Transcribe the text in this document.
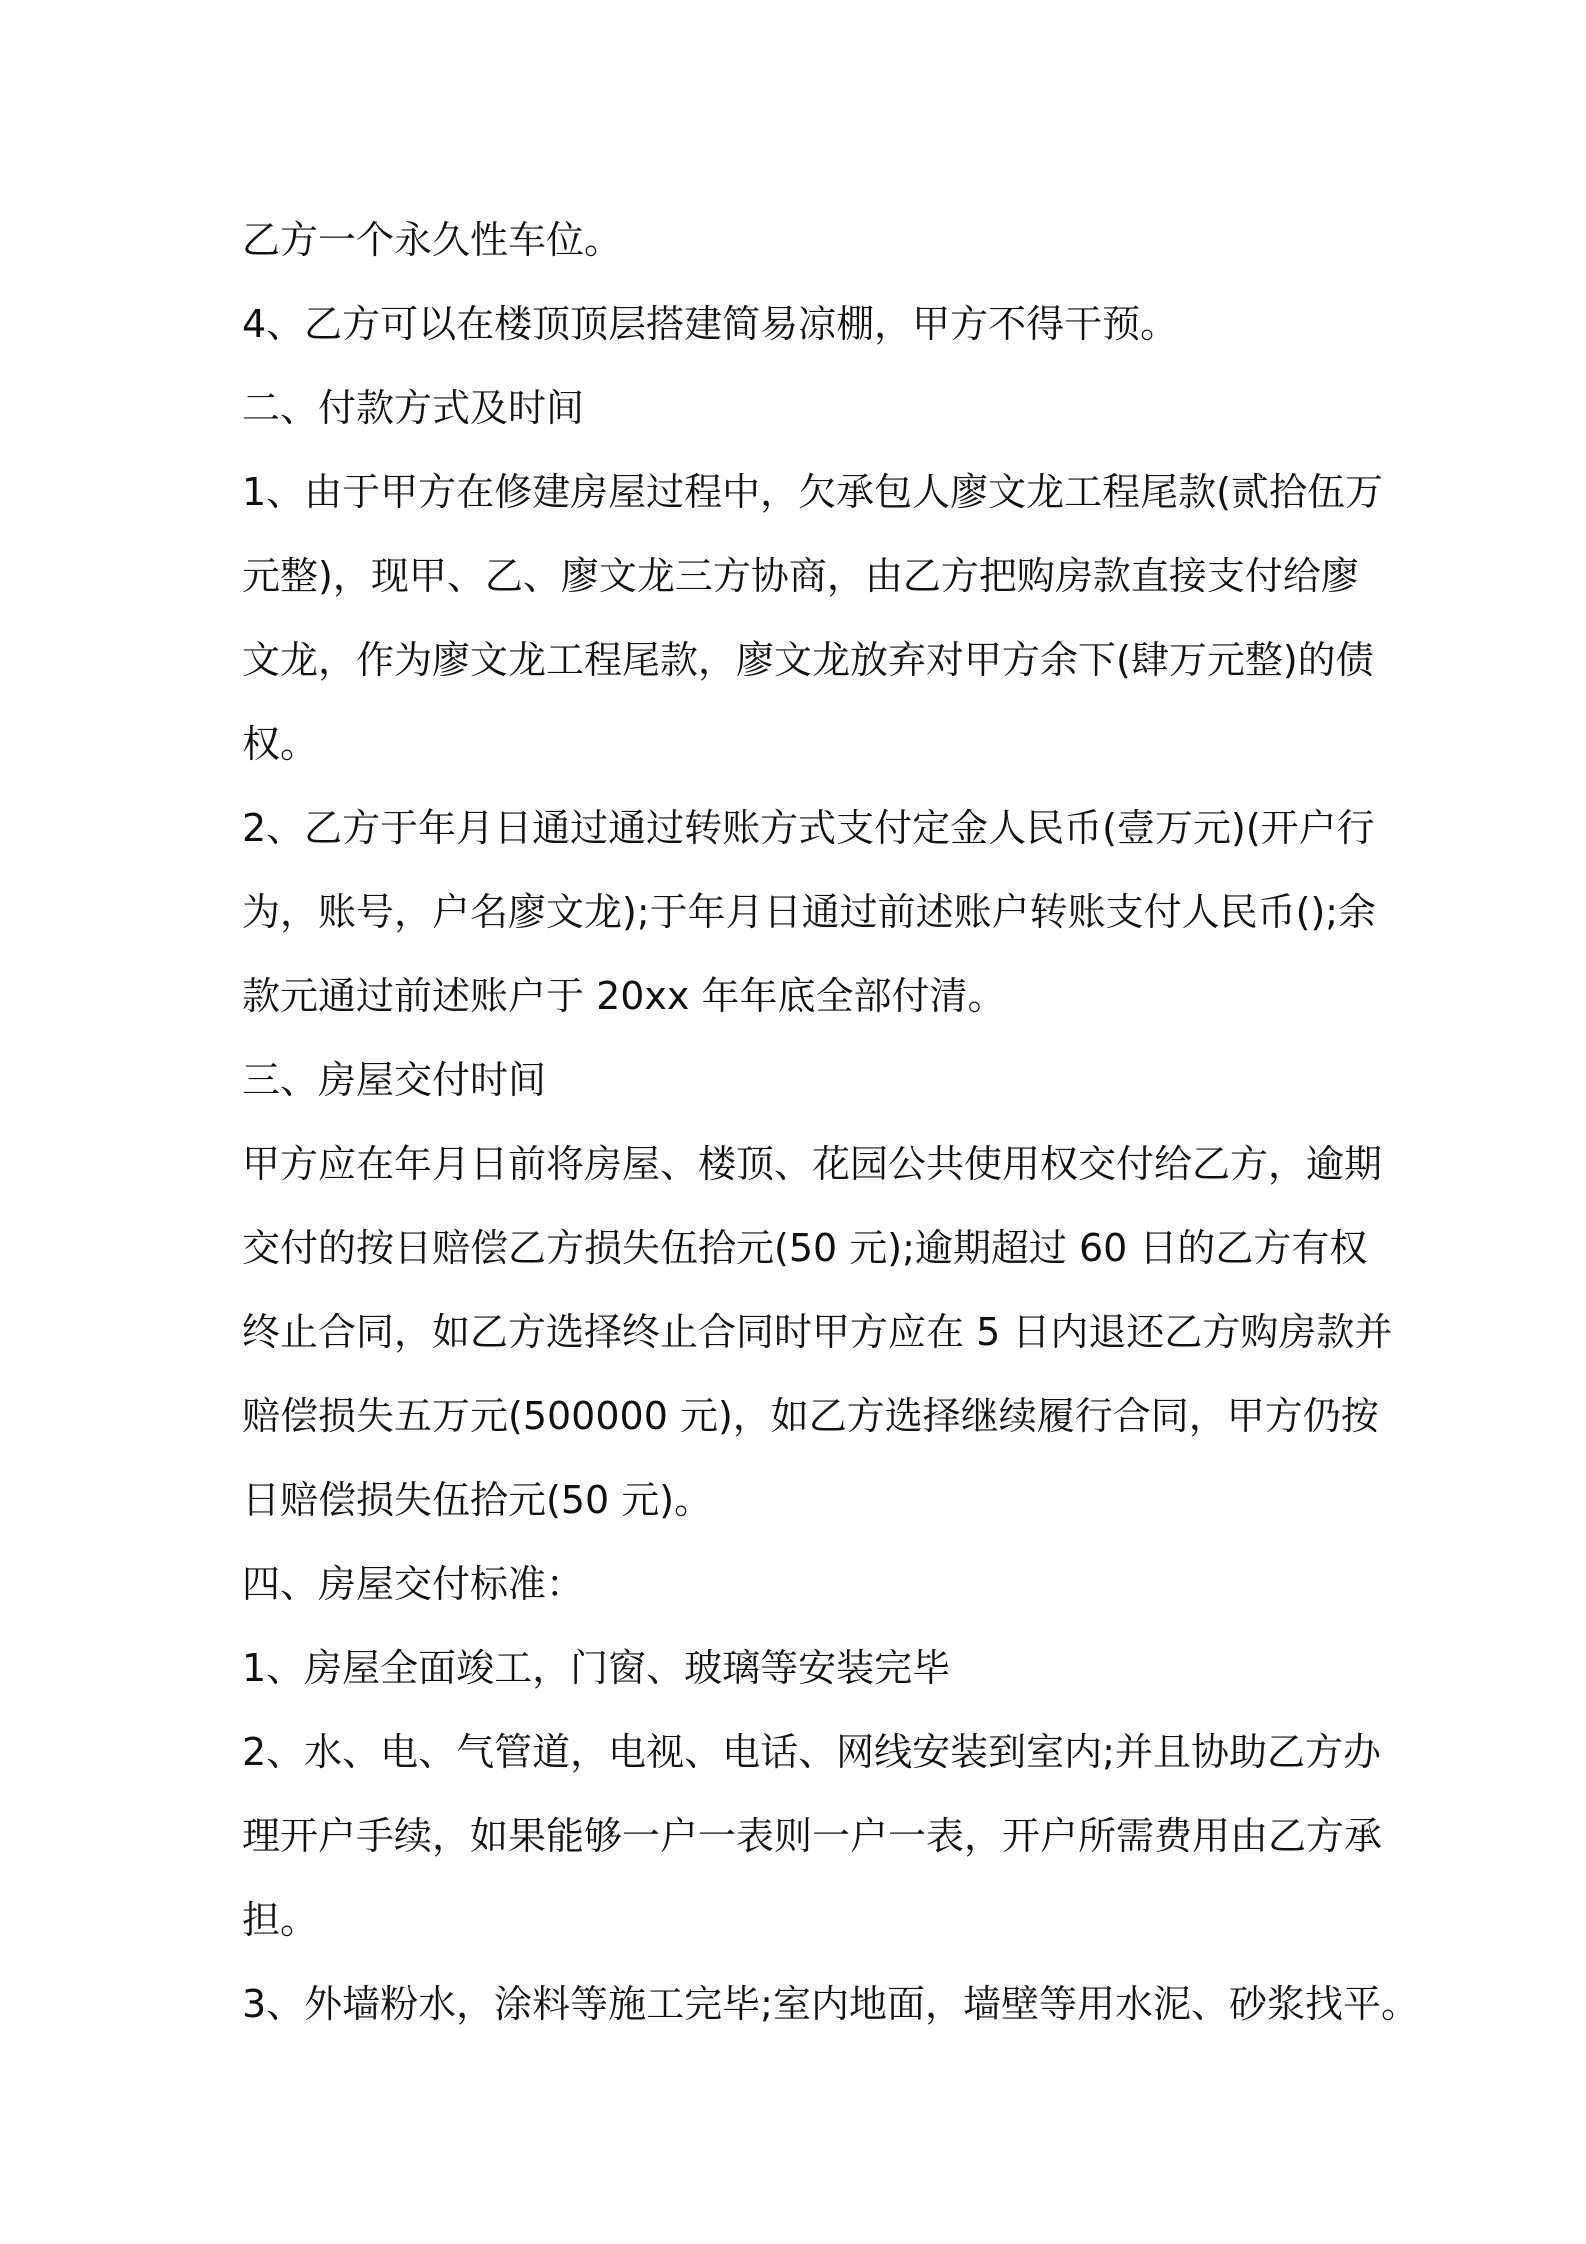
乙方一个永久性车位。
4、乙方可以在楼顶顶层搭建简易凉棚，甲方不得干预。
二、付款方式及时间
1、由于甲方在修建房屋过程中，欠承包人廖文龙工程尾款(贰拾伍万
元整)，现甲、乙、廖文龙三方协商，由乙方把购房款直接支付给廖
文龙，作为廖文龙工程尾款，廖文龙放弃对甲方余下(肆万元整)的债
权。
2、乙方于年月日通过通过转账方式支付定金人民币(壹万元)(开户行
为，账号，户名廖文龙);于年月日通过前述账户转账支付人民币();余
款元通过前述账户于 20xx 年年底全部付清。
三、房屋交付时间
甲方应在年月日前将房屋、楼顶、花园公共使用权交付给乙方，逾期
交付的按日赔偿乙方损失伍拾元(50 元);逾期超过 60 日的乙方有权
终止合同，如乙方选择终止合同时甲方应在 5 日内退还乙方购房款并
赔偿损失五万元(500000 元)，如乙方选择继续履行合同，甲方仍按
日赔偿损失伍拾元(50 元)。
四、房屋交付标准：
1、房屋全面竣工，门窗、玻璃等安装完毕
2、水、电、气管道，电视、电话、网线安装到室内;并且协助乙方办
理开户手续，如果能够一户一表则一户一表，开户所需费用由乙方承
担。
3、外墙粉水，涂料等施工完毕;室内地面，墙壁等用水泥、砂浆找平。
